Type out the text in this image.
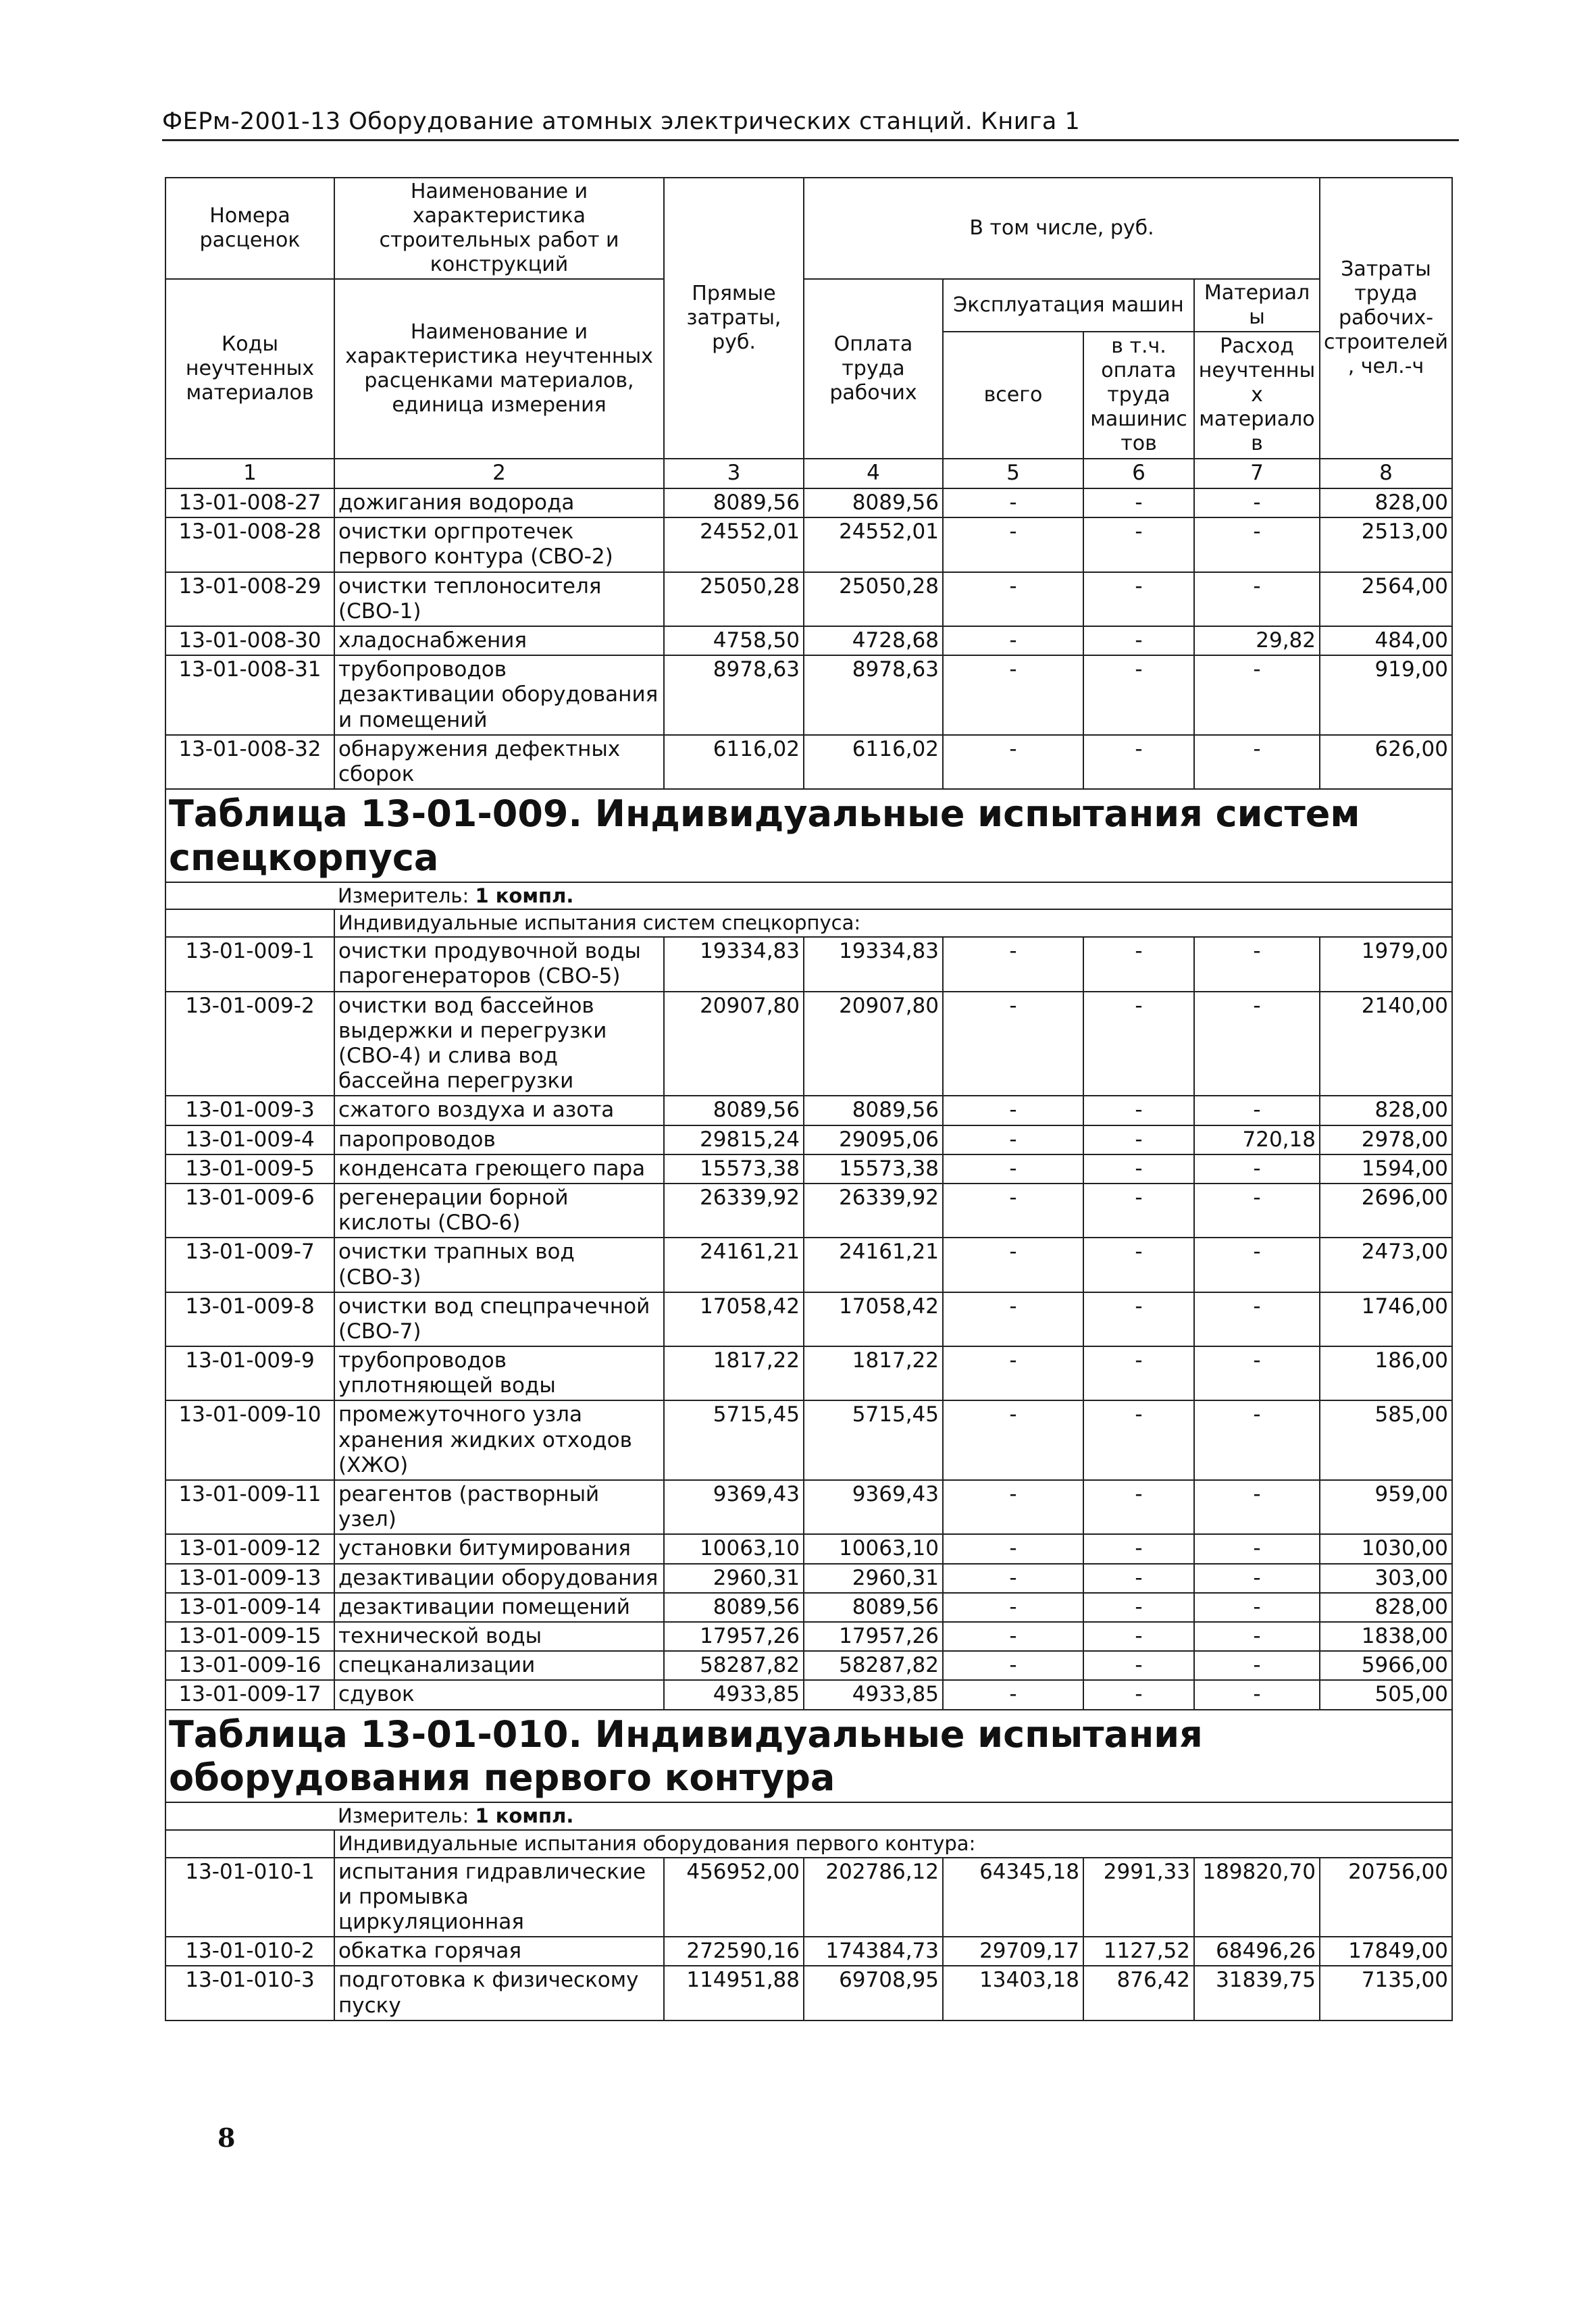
ФЕРм-2001-13 Оборудование атомных электрических станций. Книга 1
Номера расценок	Наименование и характеристика строительных работ и конструкций	Прямые затраты, руб.	В том числе, руб.				Затраты труда рабочих-строителей, чел.-ч
Коды неучтенных материалов	Наименование и характеристика неучтенных расценками материалов, единица измерения		Оплата труда рабочих	Эксплуатация машин		Материалы	
				всего	в т.ч. оплата труда машинистов	Расход неучтенных материалов	
1	2	3	4	5	6	7	8
13-01-008-27	дожигания водорода	8089,56	8089,56	-	-	-	828,00
13-01-008-28	очистки оргпротечек первого контура (СВО-2)	24552,01	24552,01	-	-	-	2513,00
13-01-008-29	очистки теплоносителя (СВО-1)	25050,28	25050,28	-	-	-	2564,00
13-01-008-30	хладоснабжения	4758,50	4728,68	-	-	29,82	484,00
13-01-008-31	трубопроводов дезактивации оборудования и помещений	8978,63	8978,63	-	-	-	919,00
13-01-008-32	обнаружения дефектных сборок	6116,02	6116,02	-	-	-	626,00
Таблица 13-01-009. Индивидуальные испытания систем спецкорпуса							
	Измеритель: 1 компл.						
	Индивидуальные испытания систем спецкорпуса:						
13-01-009-1	очистки продувочной воды парогенераторов (СВО-5)	19334,83	19334,83	-	-	-	1979,00
13-01-009-2	очистки вод бассейнов выдержки и перегрузки (СВО-4) и слива вод бассейна перегрузки	20907,80	20907,80	-	-	-	2140,00
13-01-009-3	сжатого воздуха и азота	8089,56	8089,56	-	-	-	828,00
13-01-009-4	паропроводов	29815,24	29095,06	-	-	720,18	2978,00
13-01-009-5	конденсата греющего пара	15573,38	15573,38	-	-	-	1594,00
13-01-009-6	регенерации борной кислоты (СВО-6)	26339,92	26339,92	-	-	-	2696,00
13-01-009-7	очистки трапных вод (СВО-3)	24161,21	24161,21	-	-	-	2473,00
13-01-009-8	очистки вод спецпрачечной (СВО-7)	17058,42	17058,42	-	-	-	1746,00
13-01-009-9	трубопроводов уплотняющей воды	1817,22	1817,22	-	-	-	186,00
13-01-009-10	промежуточного узла хранения жидких отходов (ХЖО)	5715,45	5715,45	-	-	-	585,00
13-01-009-11	реагентов (растворный узел)	9369,43	9369,43	-	-	-	959,00
13-01-009-12	установки битумирования	10063,10	10063,10	-	-	-	1030,00
13-01-009-13	дезактивации оборудования	2960,31	2960,31	-	-	-	303,00
13-01-009-14	дезактивации помещений	8089,56	8089,56	-	-	-	828,00
13-01-009-15	технической воды	17957,26	17957,26	-	-	-	1838,00
13-01-009-16	спецканализации	58287,82	58287,82	-	-	-	5966,00
13-01-009-17	сдувок	4933,85	4933,85	-	-	-	505,00
Таблица 13-01-010. Индивидуальные испытания оборудования первого контура							
	Измеритель: 1 компл.						
	Индивидуальные испытания оборудования первого контура:						
13-01-010-1	испытания гидравлические и промывка циркуляционная	456952,00	202786,12	64345,18	2991,33	189820,70	20756,00
13-01-010-2	обкатка горячая	272590,16	174384,73	29709,17	1127,52	68496,26	17849,00
13-01-010-3	подготовка к физическому пуску	114951,88	69708,95	13403,18	876,42	31839,75	7135,00
8
